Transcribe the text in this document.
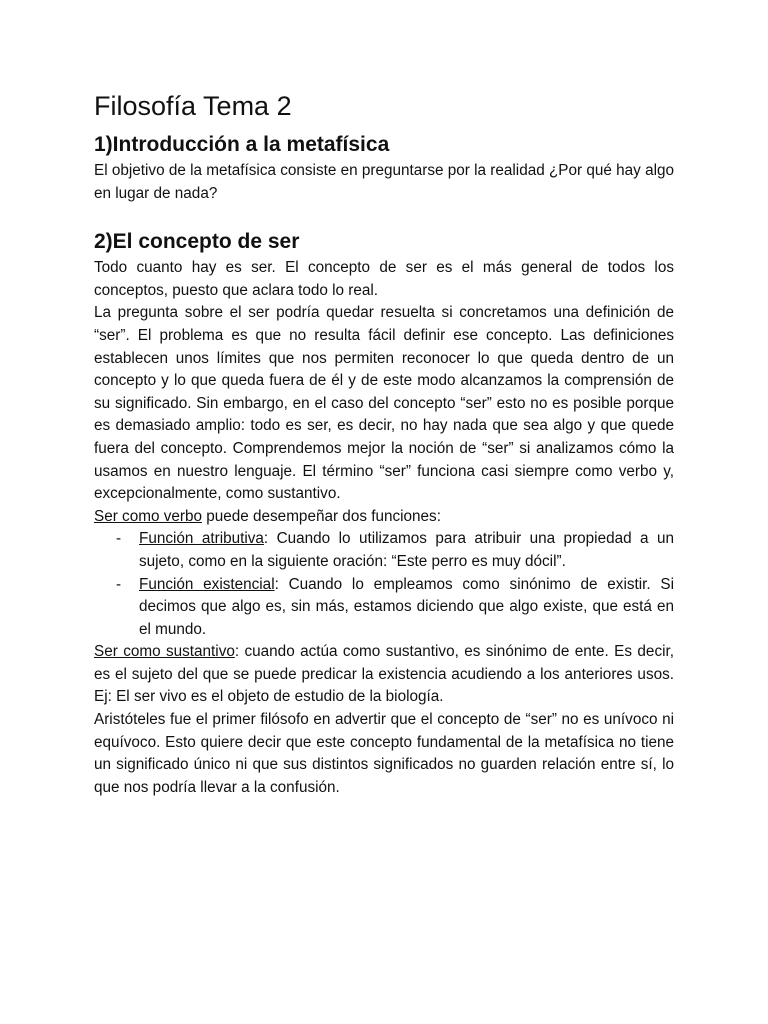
Filosofía Tema 2
1)Introducción a la metafísica

El objetivo de la metafísica consiste en preguntarse por la realidad ¿Por qué hay algo en lugar de nada?

2)El concepto de ser

Todo cuanto hay es ser. El concepto de ser es el más general de todos los conceptos, puesto que aclara todo lo real.

La pregunta sobre el ser podría quedar resuelta si concretamos una definición de “ser”. El problema es que no resulta fácil definir ese concepto. Las definiciones establecen unos límites que nos permiten reconocer lo que queda dentro de un concepto y lo que queda fuera de él y de este modo alcanzamos la comprensión de su significado. Sin embargo, en el caso del concepto “ser” esto no es posible porque es demasiado amplio: todo es ser, es decir, no hay nada que sea algo y que quede fuera del concepto. Comprendemos mejor la noción de “ser” si analizamos cómo la usamos en nuestro lenguaje. El término “ser” funciona casi siempre como verbo y, excepcionalmente, como sustantivo.

Ser como verbo puede desempeñar dos funciones:

- Función atributiva: Cuando lo utilizamos para atribuir una propiedad a un sujeto, como en la siguiente oración: “Este perro es muy dócil”.
- Función existencial: Cuando lo empleamos como sinónimo de existir. Si decimos que algo es, sin más, estamos diciendo que algo existe, que está en el mundo.

Ser como sustantivo: cuando actúa como sustantivo, es sinónimo de ente. Es decir, es el sujeto del que se puede predicar la existencia acudiendo a los anteriores usos. Ej: El ser vivo es el objeto de estudio de la biología.

Aristóteles fue el primer filósofo en advertir que el concepto de “ser” no es unívoco ni equívoco. Esto quiere decir que este concepto fundamental de la metafísica no tiene un significado único ni que sus distintos significados no guarden relación entre sí, lo que nos podría llevar a la confusión.
